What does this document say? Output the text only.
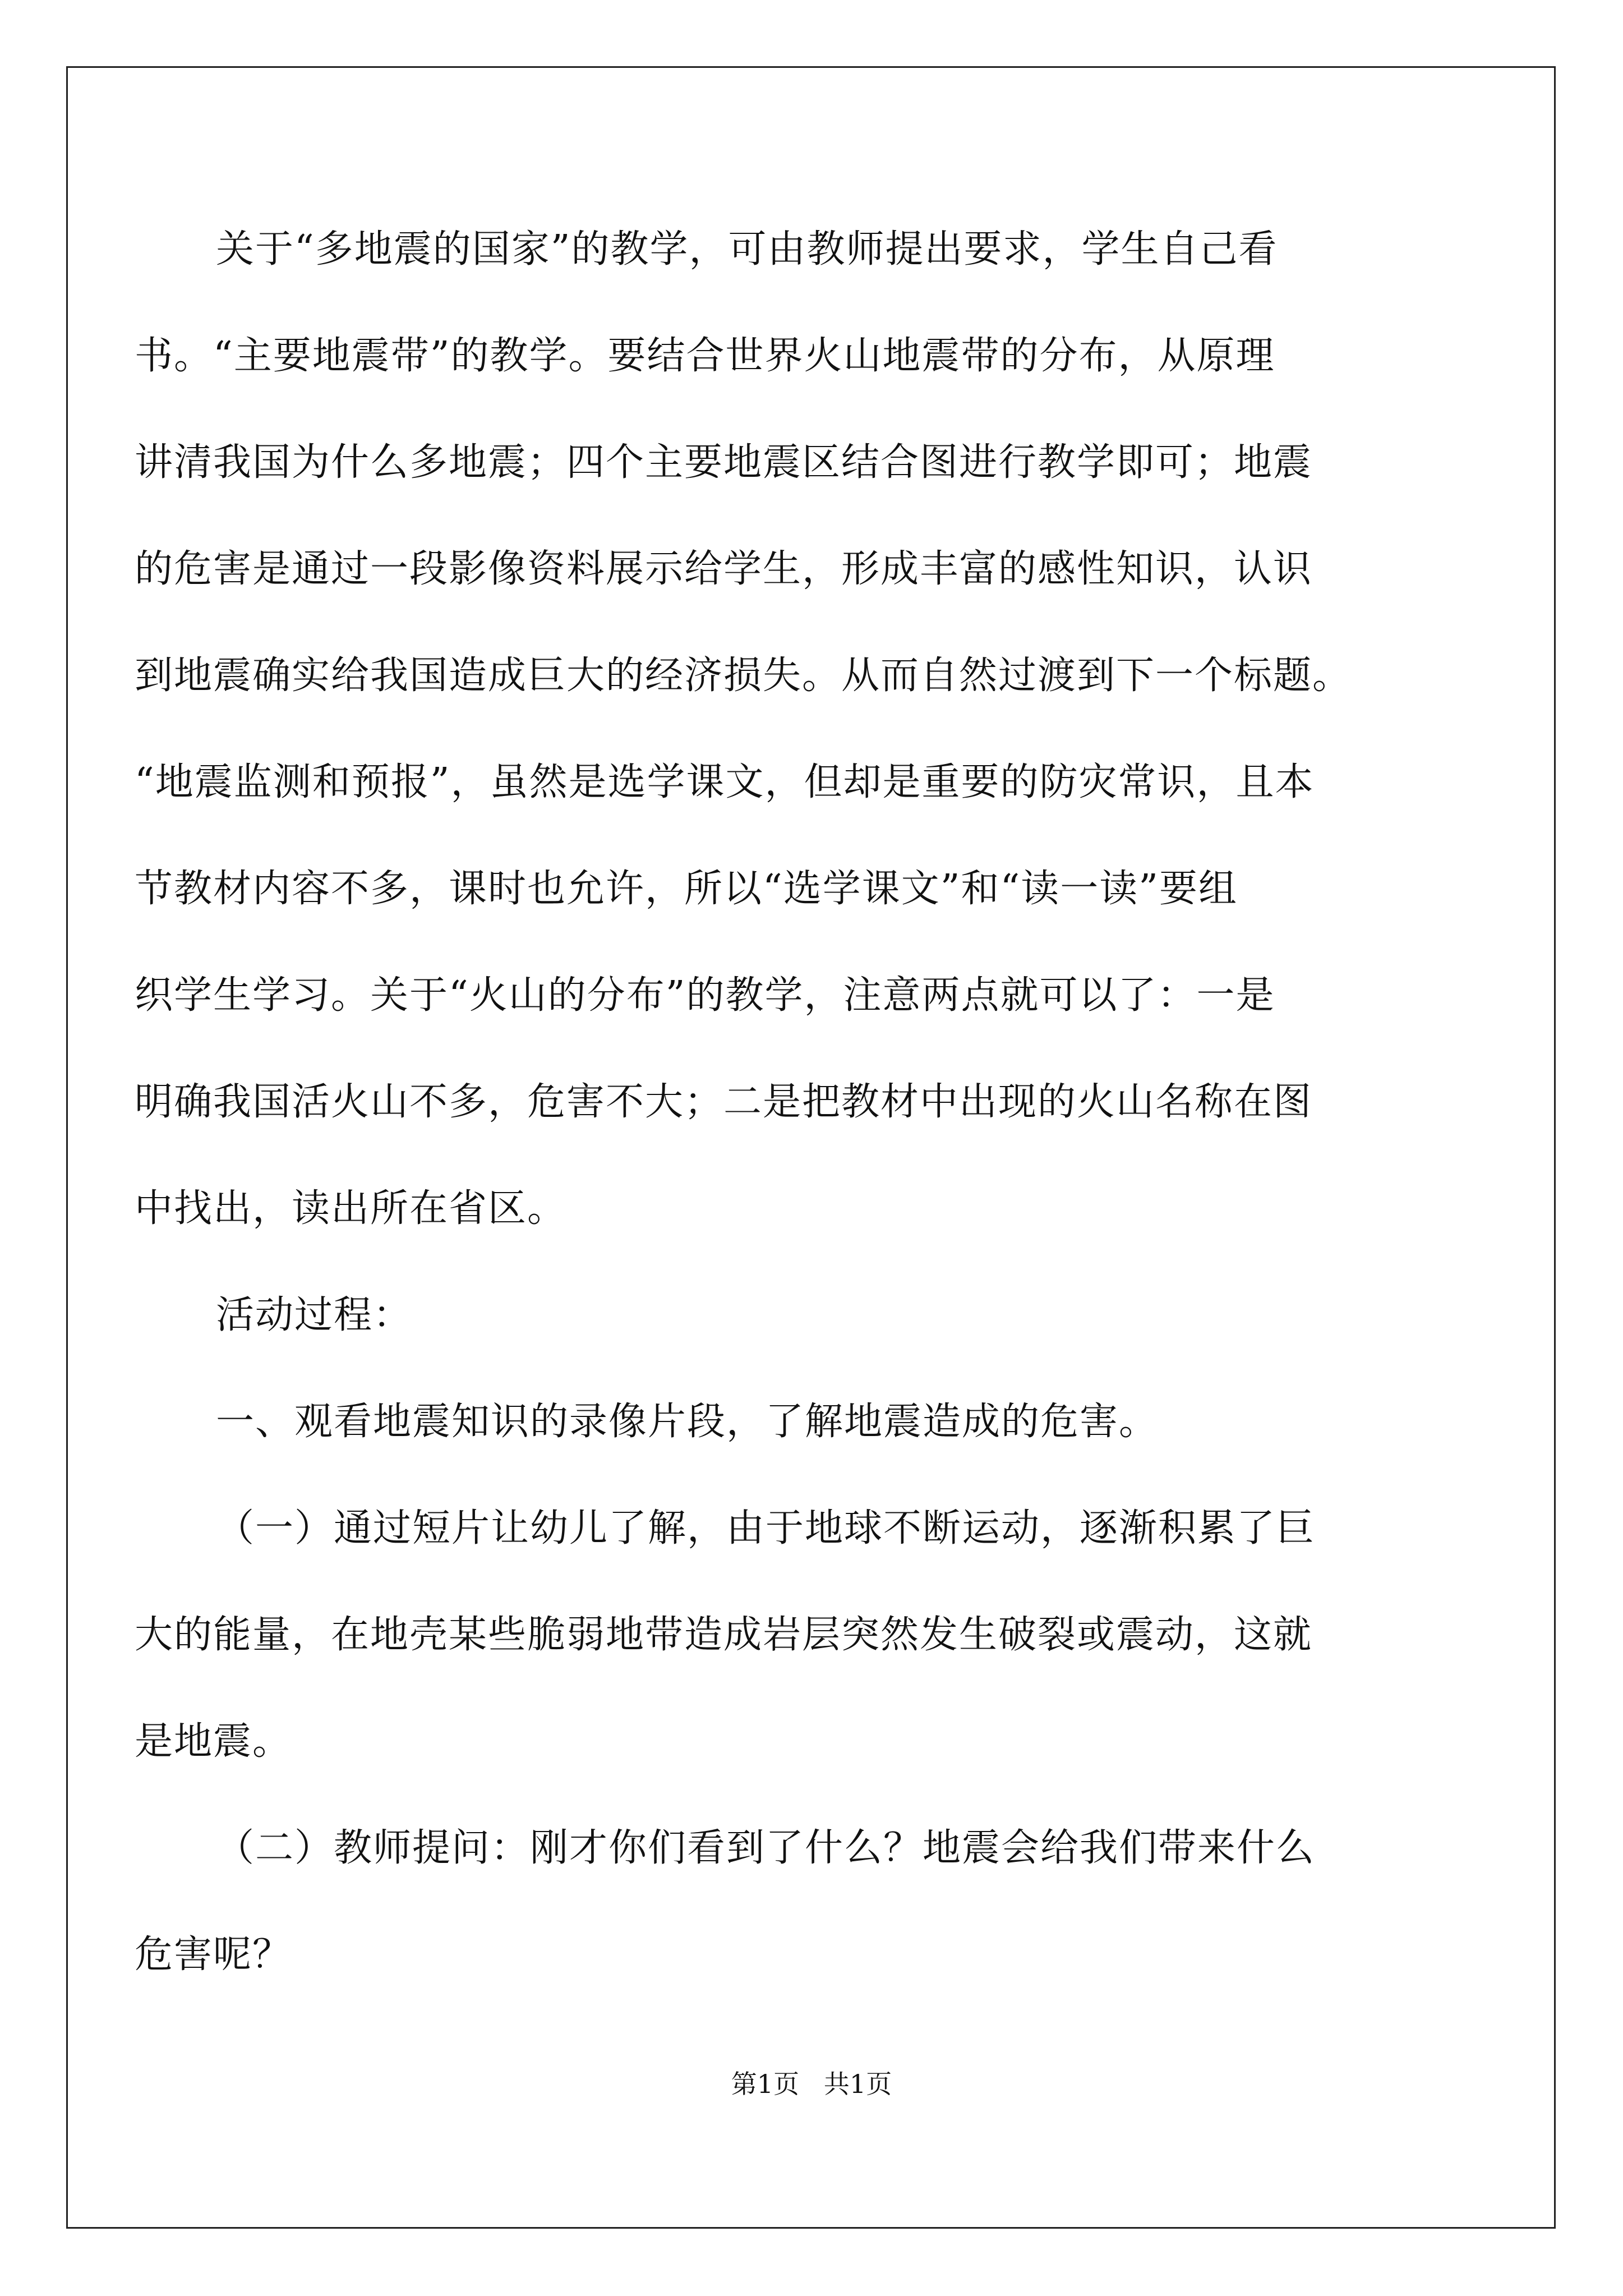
关于“多地震的国家”的教学，可由教师提出要求，学生自己看
书。“主要地震带”的教学。要结合世界火山地震带的分布，从原理
讲清我国为什么多地震；四个主要地震区结合图进行教学即可；地震
的危害是通过一段影像资料展示给学生，形成丰富的感性知识，认识
到地震确实给我国造成巨大的经济损失。从而自然过渡到下一个标题。
“地震监测和预报”，虽然是选学课文，但却是重要的防灾常识，且本
节教材内容不多，课时也允许，所以“选学课文”和“读一读”要组
织学生学习。关于“火山的分布”的教学，注意两点就可以了：一是
明确我国活火山不多，危害不大；二是把教材中出现的火山名称在图
中找出，读出所在省区。
活动过程：
一、观看地震知识的录像片段，了解地震造成的危害。
（一）通过短片让幼儿了解，由于地球不断运动，逐渐积累了巨
大的能量，在地壳某些脆弱地带造成岩层突然发生破裂或震动，这就
是地震。
（二）教师提问：刚才你们看到了什么？地震会给我们带来什么
危害呢？
第1页   共1页
